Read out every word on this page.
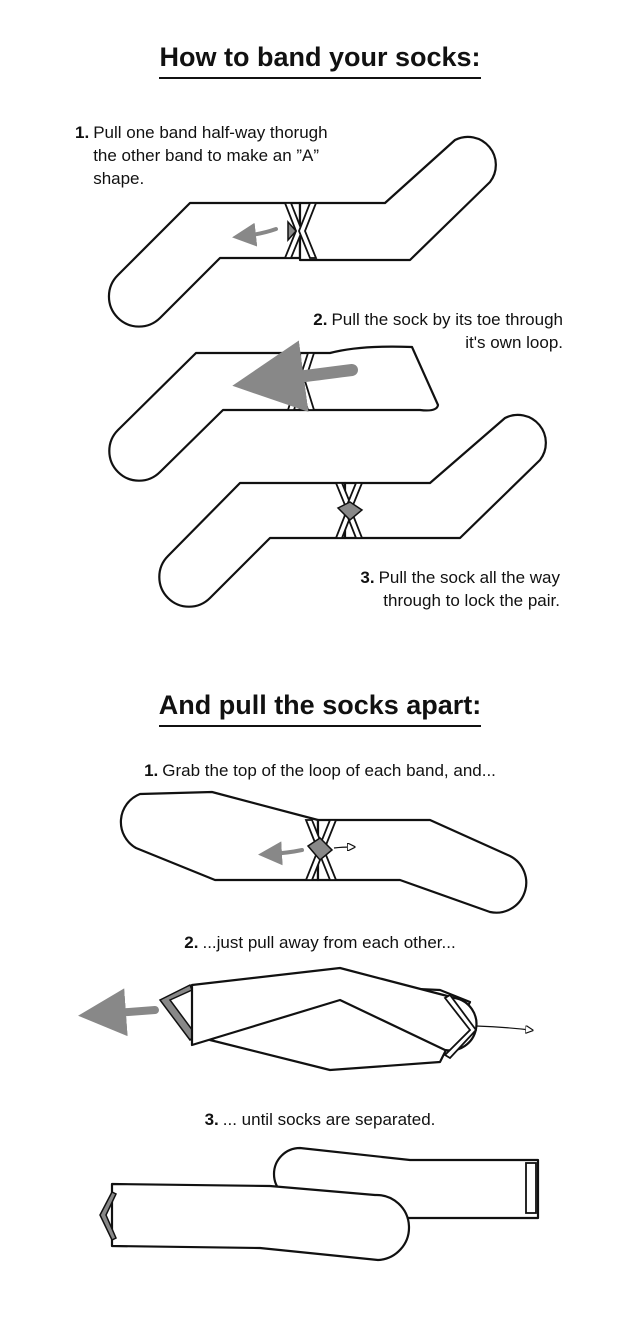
How to band your socks:
And pull the socks apart:

1. Pull one band half-way thorugh
the other band to make an ”A”
shape.

2. Pull the sock by its toe through
it's own loop.

3. Pull the sock all the way
through to lock the pair.

1. Grab the top of the loop of each band, and...

2. ...just pull away from each other...

3. ... until socks are separated.
